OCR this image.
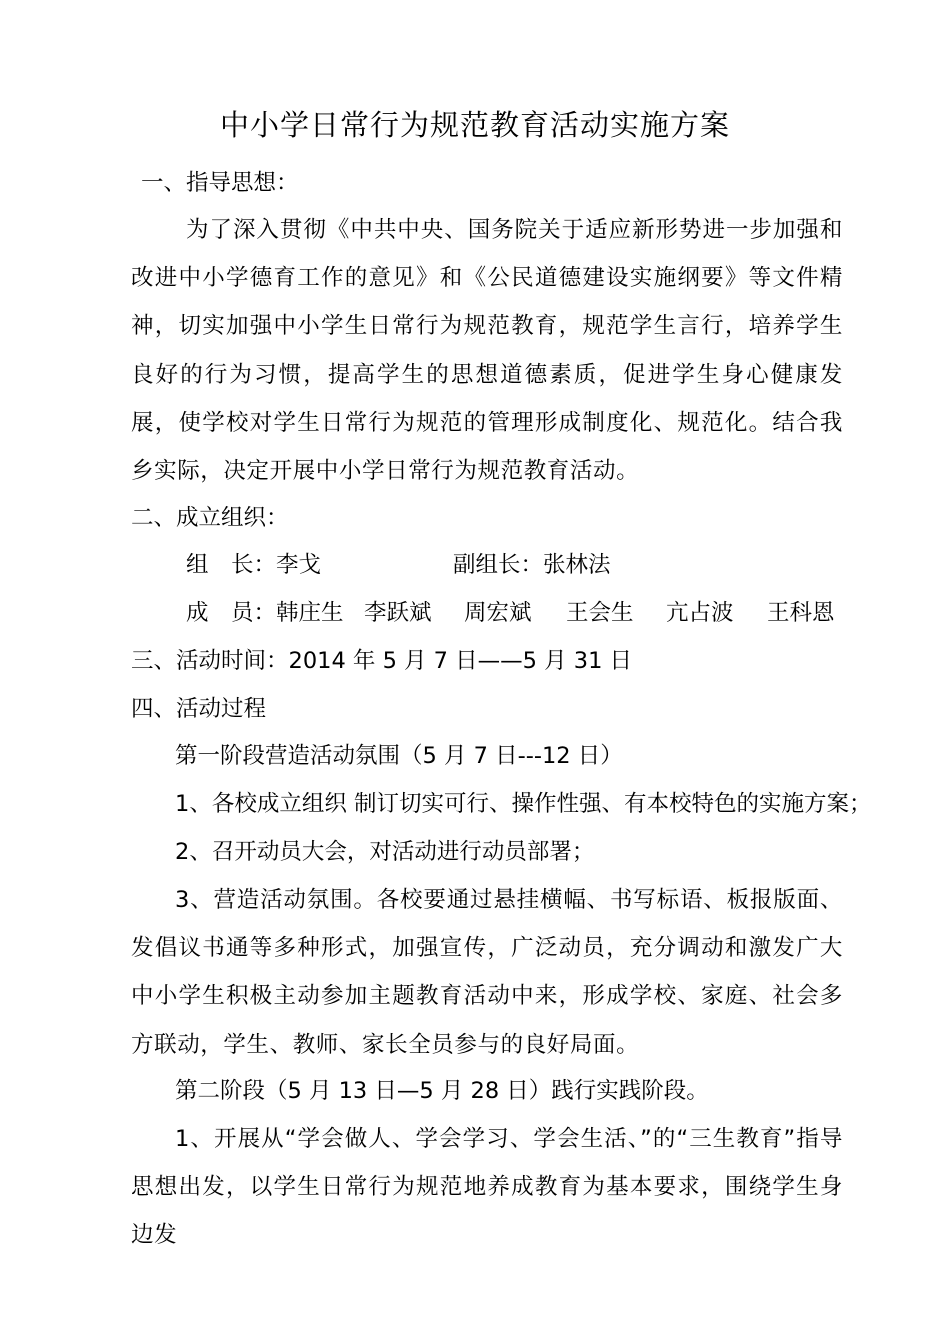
中小学日常行为规范教育活动实施方案
一、指导思想：
为了深入贯彻《中共中央、国务院关于适应新形势进一步加强和改进中小学德育工作的意见》和《公民道德建设实施纲要》等文件精神，切实加强中小学生日常行为规范教育，规范学生言行，培养学生良好的行为习惯，提高学生的思想道德素质，促进学生身心健康发展，使学校对学生日常行为规范的管理形成制度化、规范化。结合我乡实际，决定开展中小学日常行为规范教育活动。
二、成立组织：
组　长：李戈	副组长：张林法
成　员：韩庄生 李跃斌 周宏斌 王会生 亢占波 王科恩
三、活动时间：2014 年 5 月 7 日——5 月 31 日
四、活动过程
第一阶段营造活动氛围（5 月 7 日---12 日）
1、各校成立组织 制订切实可行、操作性强、有本校特色的实施方案；
2、召开动员大会，对活动进行动员部署；
3、营造活动氛围。各校要通过悬挂横幅、书写标语、板报版面、发倡议书通等多种形式，加强宣传，广泛动员，充分调动和激发广大中小学生积极主动参加主题教育活动中来，形成学校、家庭、社会多方联动，学生、教师、家长全员参与的良好局面。
第二阶段（5 月 13 日—5 月 28 日）践行实践阶段。
1、开展从“学会做人、学会学习、学会生活、”的“三生教育”指导思想出发，以学生日常行为规范地养成教育为基本要求，围绕学生身边发
